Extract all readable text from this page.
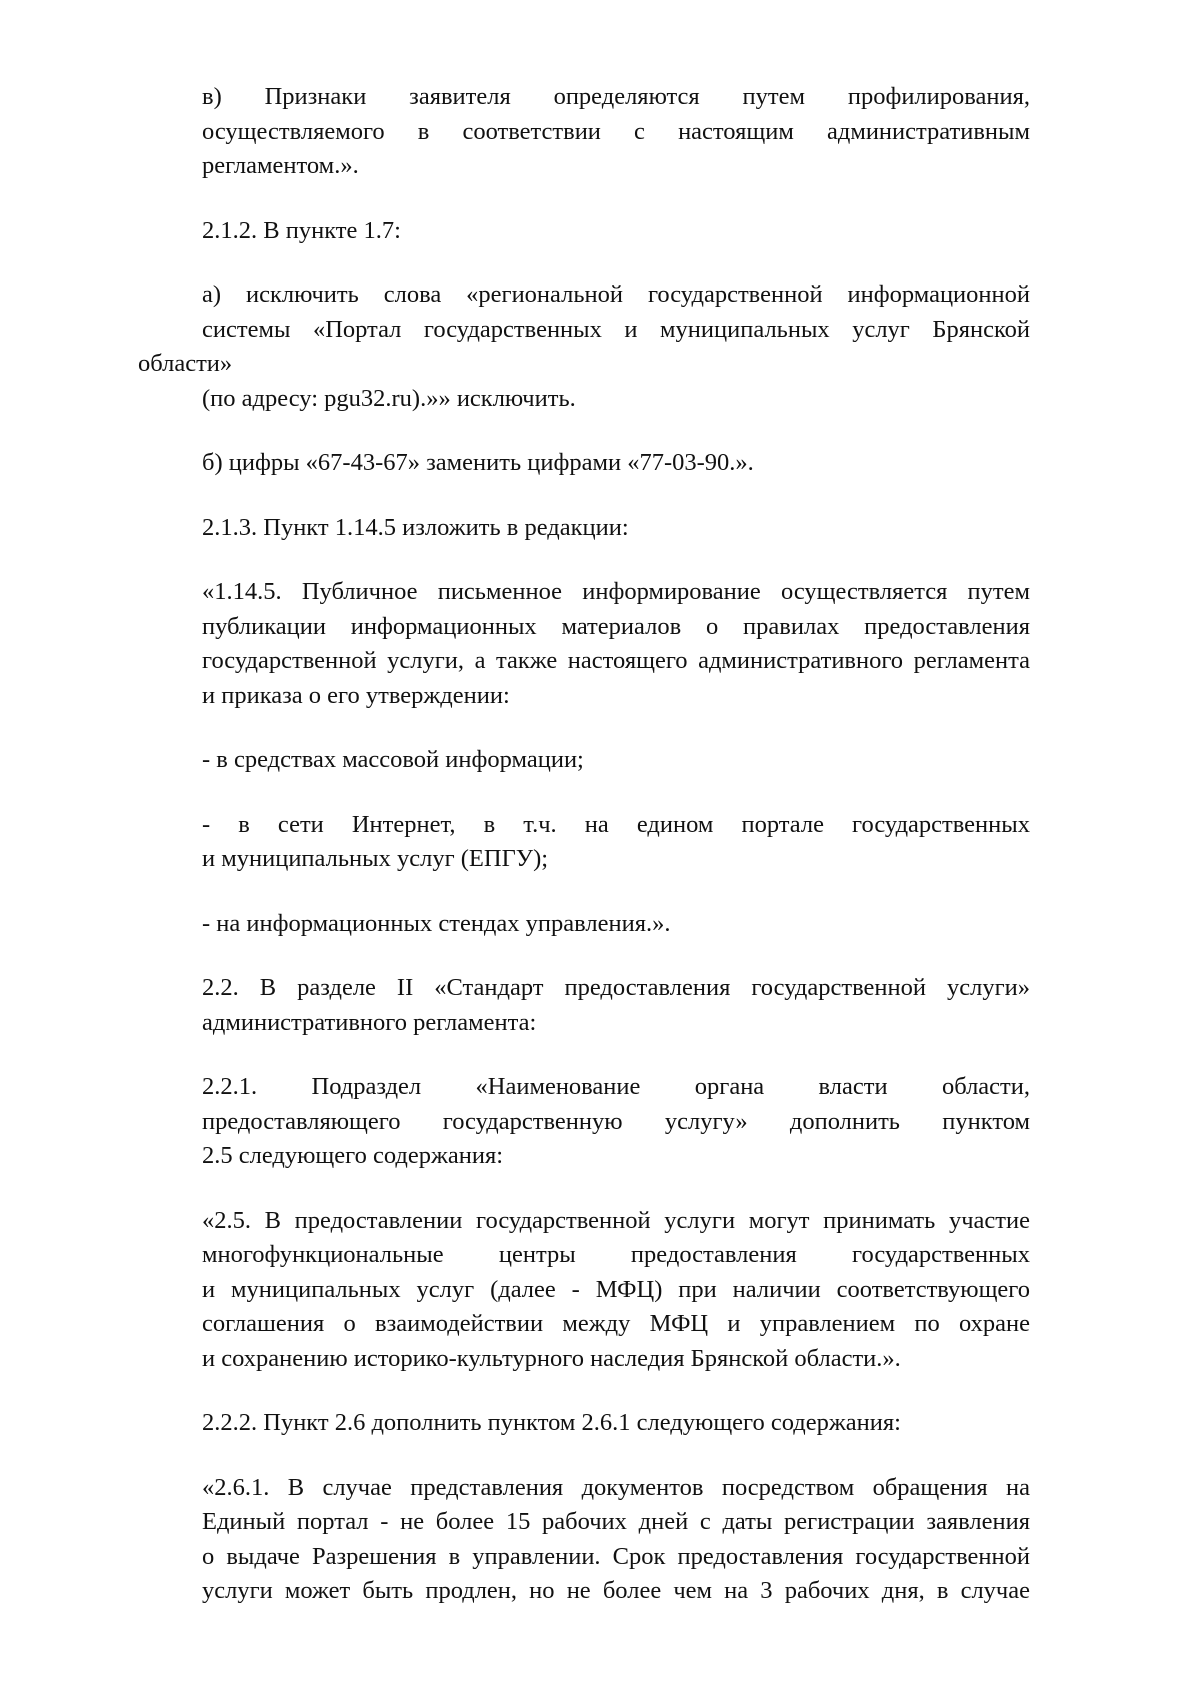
в) Признаки заявителя определяются путем профилирования,
осуществляемого в соответствии с настоящим административным
регламентом.».
2.1.2. В пункте 1.7:
а) исключить слова «региональной государственной информационной
системы «Портал государственных и муниципальных услуг Брянской области»
(по адресу: pgu32.ru).»» исключить.
б) цифры «67-43-67» заменить цифрами «77-03-90.».
2.1.3. Пункт 1.14.5 изложить в редакции:
«1.14.5. Публичное письменное информирование осуществляется путем
публикации информационных материалов о правилах предоставления
государственной услуги, а также настоящего административного регламента
и приказа о его утверждении:
- в средствах массовой информации;
- в сети Интернет, в т.ч. на едином портале государственных
и муниципальных услуг (ЕПГУ);
- на информационных стендах управления.».
2.2. В разделе II «Стандарт предоставления государственной услуги»
административного регламента:
2.2.1. Подраздел «Наименование органа власти области,
предоставляющего государственную услугу» дополнить пунктом
2.5 следующего содержания:
«2.5. В предоставлении государственной услуги могут принимать участие
многофункциональные центры предоставления государственных
и муниципальных услуг (далее - МФЦ) при наличии соответствующего
соглашения о взаимодействии между МФЦ и управлением по охране
и сохранению историко-культурного наследия Брянской области.».
2.2.2. Пункт 2.6 дополнить пунктом 2.6.1 следующего содержания:
«2.6.1. В случае представления документов посредством обращения на
Единый портал - не более 15 рабочих дней с даты регистрации заявления
о выдаче Разрешения в управлении. Срок предоставления государственной
услуги может быть продлен, но не более чем на 3 рабочих дня, в случае
